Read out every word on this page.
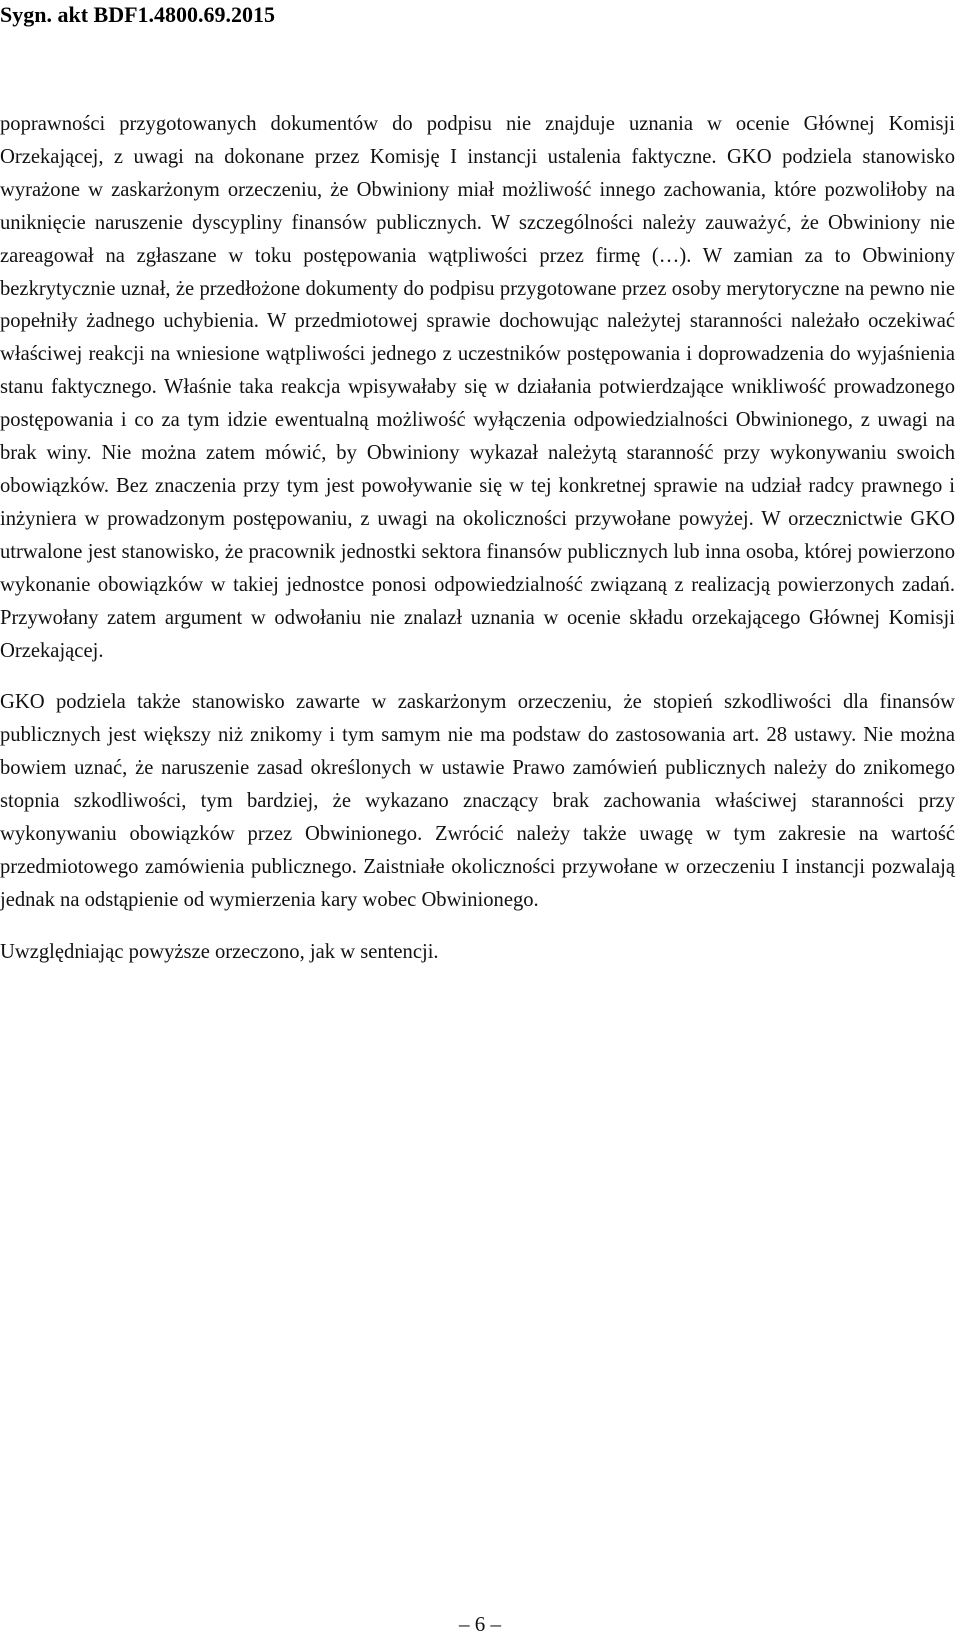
Sygn. akt BDF1.4800.69.2015

poprawności przygotowanych dokumentów do podpisu nie znajduje uznania w ocenie Głównej Komisji Orzekającej, z uwagi na dokonane przez Komisję I instancji ustalenia faktyczne. GKO podziela stanowisko wyrażone w zaskarżonym orzeczeniu, że Obwiniony miał możliwość innego zachowania, które pozwoliłoby na uniknięcie naruszenie dyscypliny finansów publicznych. W szczególności należy zauważyć, że Obwiniony nie zareagował na zgłaszane w toku postępowania wątpliwości przez firmę (…). W zamian za to Obwiniony bezkrytycznie uznał, że przedłożone dokumenty do podpisu przygotowane przez osoby merytoryczne na pewno nie popełniły żadnego uchybienia. W przedmiotowej sprawie dochowując należytej staranności należało oczekiwać właściwej reakcji na wniesione wątpliwości jednego z uczestników postępowania i doprowadzenia do wyjaśnienia stanu faktycznego. Właśnie taka reakcja wpisywałaby się w działania potwierdzające wnikliwość prowadzonego postępowania i co za tym idzie ewentualną możliwość wyłączenia odpowiedzialności Obwinionego, z uwagi na brak winy. Nie można zatem mówić, by Obwiniony wykazał należytą staranność przy wykonywaniu swoich obowiązków. Bez znaczenia przy tym jest powoływanie się w tej konkretnej sprawie na udział radcy prawnego i inżyniera w prowadzonym postępowaniu, z uwagi na okoliczności przywołane powyżej. W orzecznictwie GKO utrwalone jest stanowisko, że pracownik jednostki sektora finansów publicznych lub inna osoba, której powierzono wykonanie obowiązków w takiej jednostce ponosi odpowiedzialność związaną z realizacją powierzonych zadań. Przywołany zatem argument w odwołaniu nie znalazł uznania w ocenie składu orzekającego Głównej Komisji Orzekającej.

GKO podziela także stanowisko zawarte w zaskarżonym orzeczeniu, że stopień szkodliwości dla finansów publicznych jest większy niż znikomy i tym samym nie ma podstaw do zastosowania art. 28 ustawy. Nie można bowiem uznać, że naruszenie zasad określonych w ustawie Prawo zamówień publicznych należy do znikomego stopnia szkodliwości, tym bardziej, że wykazano znaczący brak zachowania właściwej staranności przy wykonywaniu obowiązków przez Obwinionego. Zwrócić należy także uwagę w tym zakresie na wartość przedmiotowego zamówienia publicznego. Zaistniałe okoliczności przywołane w orzeczeniu I instancji pozwalają jednak na odstąpienie od wymierzenia kary wobec Obwinionego.

Uwzględniając powyższe orzeczono, jak w sentencji.

– 6 –
